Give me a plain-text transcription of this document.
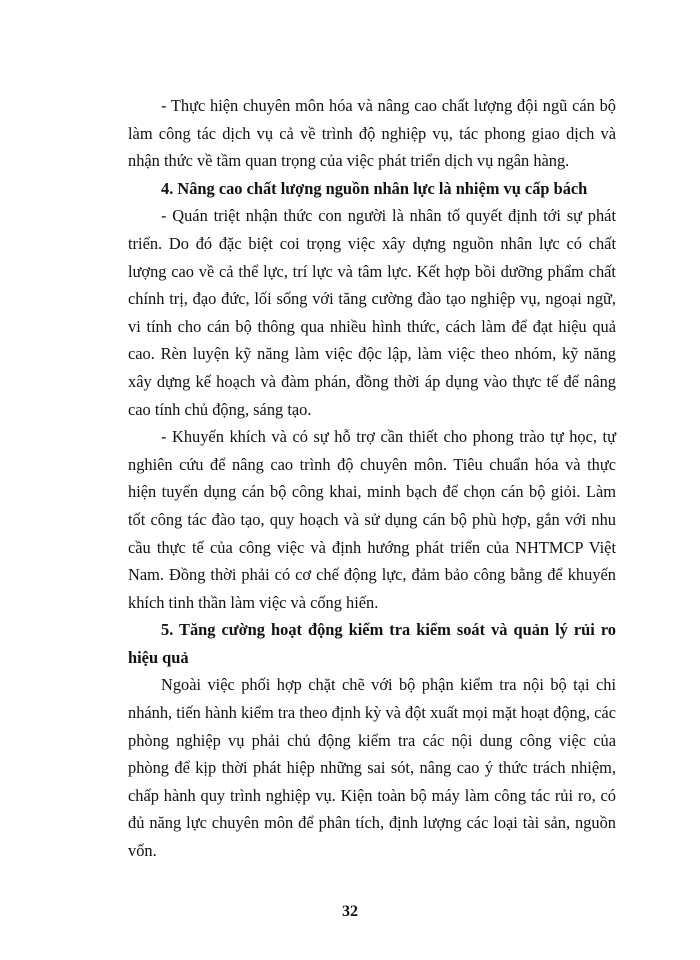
- Thực hiện chuyên môn hóa và nâng cao chất lượng đội ngũ cán bộ làm công tác dịch vụ cả về trình độ nghiệp vụ, tác phong giao dịch và nhận thức về tầm quan trọng của việc phát triển dịch vụ ngân hàng.

4. Nâng cao chất lượng nguồn nhân lực là nhiệm vụ cấp bách

- Quán triệt nhận thức con người là nhân tố quyết định tới sự phát triển. Do đó đặc biệt coi trọng việc xây dựng nguồn nhân lực có chất lượng cao về cả thể lực, trí lực và tâm lực. Kết hợp bồi dưỡng phẩm chất chính trị, đạo đức, lối sống với tăng cường đào tạo nghiệp vụ, ngoại ngữ, vi tính cho cán bộ thông qua nhiều hình thức, cách làm để đạt hiệu quả cao. Rèn luyện kỹ năng làm việc độc lập, làm việc theo nhóm, kỹ năng xây dựng kế hoạch và đàm phán, đồng thời áp dụng vào thực tế để nâng cao tính chủ động, sáng tạo.

- Khuyến khích và có sự hỗ trợ cần thiết cho phong trào tự học, tự nghiên cứu để nâng cao trình độ chuyên môn. Tiêu chuẩn hóa và thực hiện tuyển dụng cán bộ công khai, minh bạch để chọn cán bộ giỏi. Làm tốt công tác đào tạo, quy hoạch và sử dụng cán bộ phù hợp, gắn với nhu cầu thực tế của công việc và định hướng phát triển của NHTMCP Việt Nam. Đồng thời phải có cơ chế động lực, đảm bảo công bằng để khuyến khích tinh thần làm việc và cống hiến.

5. Tăng cường hoạt động kiểm tra kiểm soát và quản lý rủi ro hiệu quả

Ngoài việc phối hợp chặt chẽ với bộ phận kiểm tra nội bộ tại chi nhánh, tiến hành kiểm tra theo định kỳ và đột xuất mọi mặt hoạt động, các phòng nghiệp vụ phải chủ động kiểm tra các nội dung công việc của phòng để kịp thời phát hiệp những sai sót, nâng cao ý thức trách nhiệm, chấp hành quy trình nghiệp vụ. Kiện toàn bộ máy làm công tác rủi ro, có đủ năng lực chuyên môn để phân tích, định lượng các loại tài sản, nguồn vốn.

32
